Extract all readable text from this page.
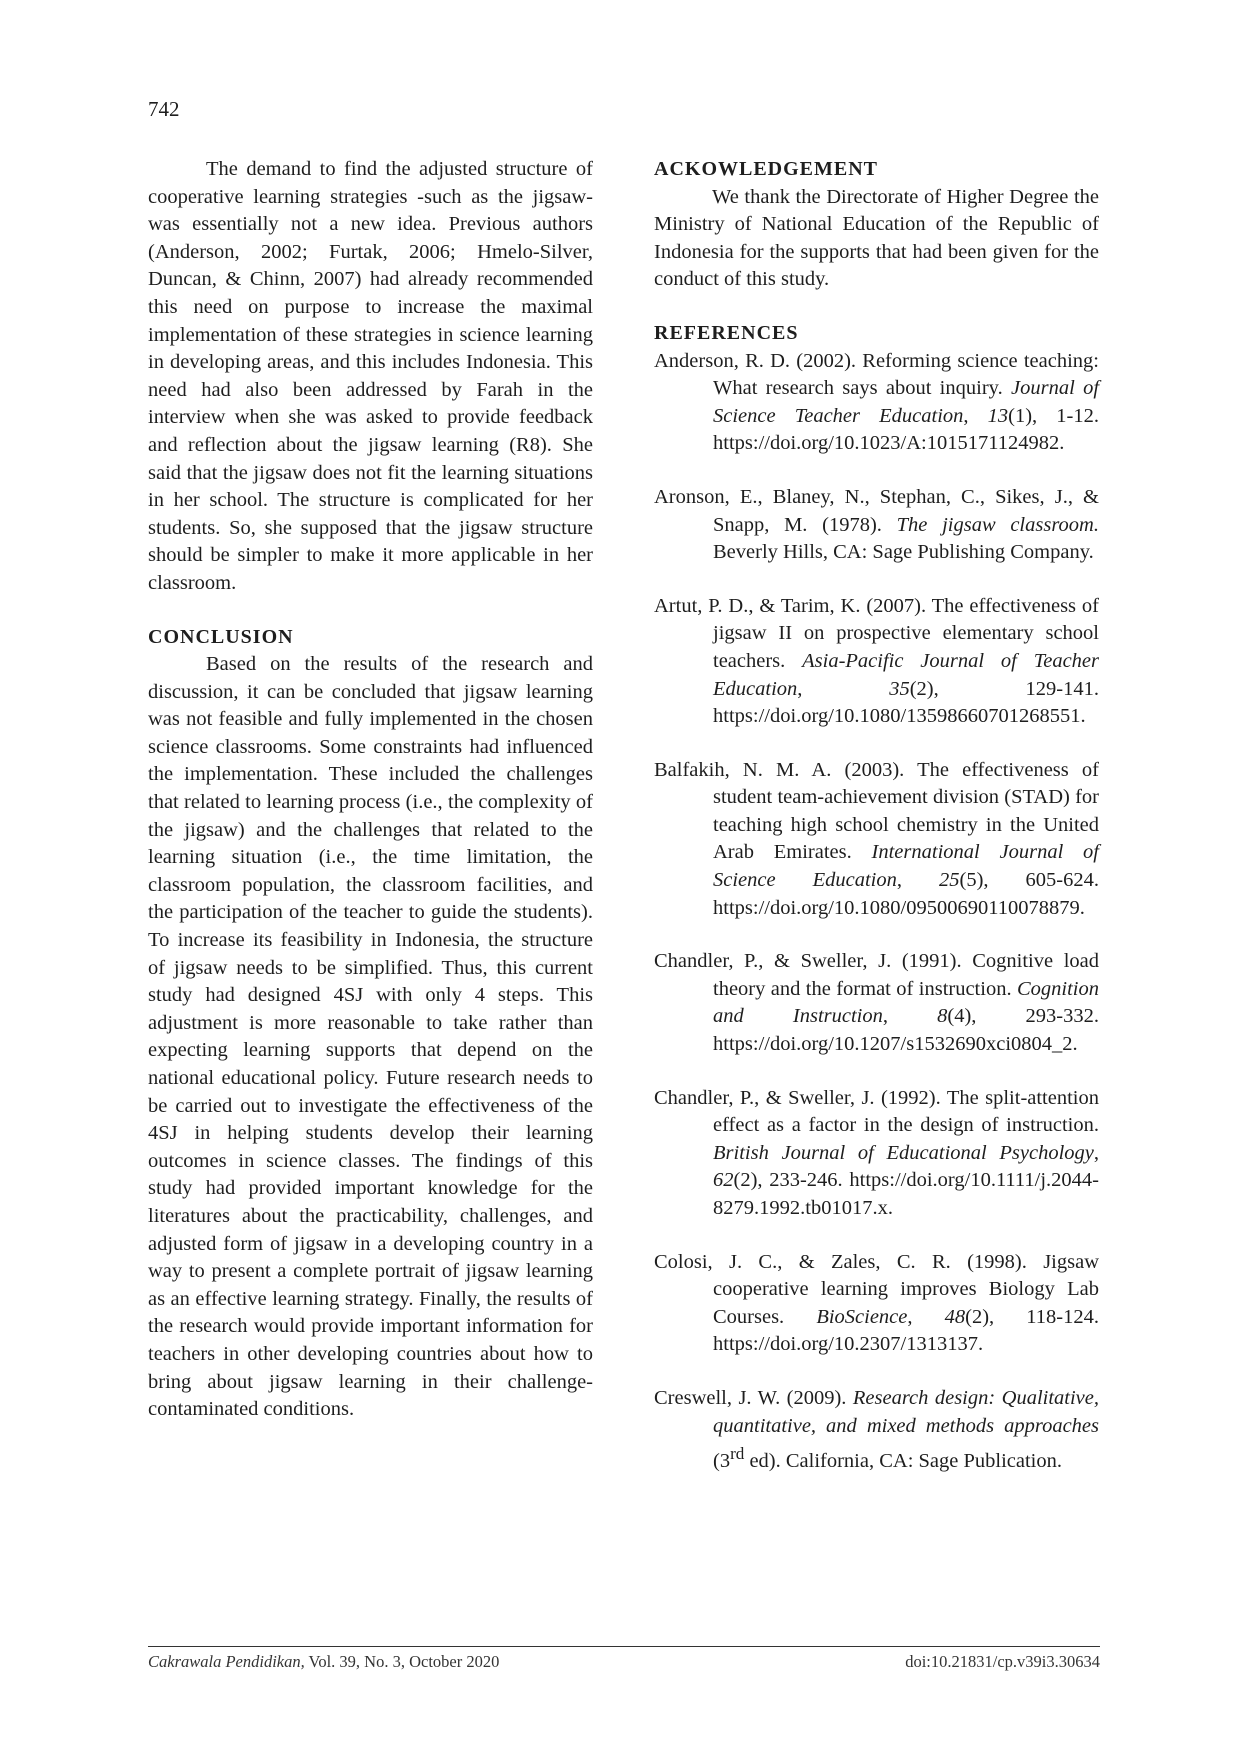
742

The demand to find the adjusted structure of cooperative learning strategies -such as the jigsaw- was essentially not a new idea. Previous authors (Anderson, 2002; Furtak, 2006; Hmelo-Silver, Duncan, & Chinn, 2007) had already recommended this need on purpose to increase the maximal implementation of these strategies in science learning in developing areas, and this includes Indonesia. This need had also been addressed by Farah in the interview when she was asked to provide feedback and reflection about the jigsaw learning (R8). She said that the jigsaw does not fit the learning situations in her school. The structure is complicated for her students. So, she supposed that the jigsaw structure should be simpler to make it more applicable in her classroom.

CONCLUSION

Based on the results of the research and discussion, it can be concluded that jigsaw learning was not feasible and fully implemented in the chosen science classrooms. Some constraints had influenced the implementation. These included the challenges that related to learning process (i.e., the complexity of the jigsaw) and the challenges that related to the learning situation (i.e., the time limitation, the classroom population, the classroom facilities, and the participation of the teacher to guide the students). To increase its feasibility in Indonesia, the structure of jigsaw needs to be simplified. Thus, this current study had designed 4SJ with only 4 steps. This adjustment is more reasonable to take rather than expecting learning supports that depend on the national educational policy. Future research needs to be carried out to investigate the effectiveness of the 4SJ in helping students develop their learning outcomes in science classes. The findings of this study had provided important knowledge for the literatures about the practicability, challenges, and adjusted form of jigsaw in a developing country in a way to present a complete portrait of jigsaw learning as an effective learning strategy. Finally, the results of the research would provide important information for teachers in other developing countries about how to bring about jigsaw learning in their challenge-contaminated conditions.

ACKOWLEDGEMENT

We thank the Directorate of Higher Degree the Ministry of National Education of the Republic of Indonesia for the supports that had been given for the conduct of this study.

REFERENCES

Anderson, R. D. (2002). Reforming science teaching: What research says about inquiry. Journal of Science Teacher Education, 13(1), 1-12. https://doi.org/10.1023/A:1015171124982.

Aronson, E., Blaney, N., Stephan, C., Sikes, J., & Snapp, M. (1978). The jigsaw classroom. Beverly Hills, CA: Sage Publishing Company.

Artut, P. D., & Tarim, K. (2007). The effectiveness of jigsaw II on prospective elementary school teachers. Asia-Pacific Journal of Teacher Education, 35(2), 129-141. https://doi.org/10.1080/13598660701268551.

Balfakih, N. M. A. (2003). The effectiveness of student team-achievement division (STAD) for teaching high school chemistry in the United Arab Emirates. International Journal of Science Education, 25(5), 605-624. https://doi.org/10.1080/09500690110078879.

Chandler, P., & Sweller, J. (1991). Cognitive load theory and the format of instruction. Cognition and Instruction, 8(4), 293-332. https://doi.org/10.1207/s1532690xci0804_2.

Chandler, P., & Sweller, J. (1992). The split-attention effect as a factor in the design of instruction. British Journal of Educational Psychology, 62(2), 233-246. https://doi.org/10.1111/j.2044-8279.1992.tb01017.x.

Colosi, J. C., & Zales, C. R. (1998). Jigsaw cooperative learning improves Biology Lab Courses. BioScience, 48(2), 118-124. https://doi.org/10.2307/1313137.

Creswell, J. W. (2009). Research design: Qualitative, quantitative, and mixed methods approaches (3rd ed). California, CA: Sage Publication.

Cakrawala Pendidikan, Vol. 39, No. 3, October 2020	doi:10.21831/cp.v39i3.30634
